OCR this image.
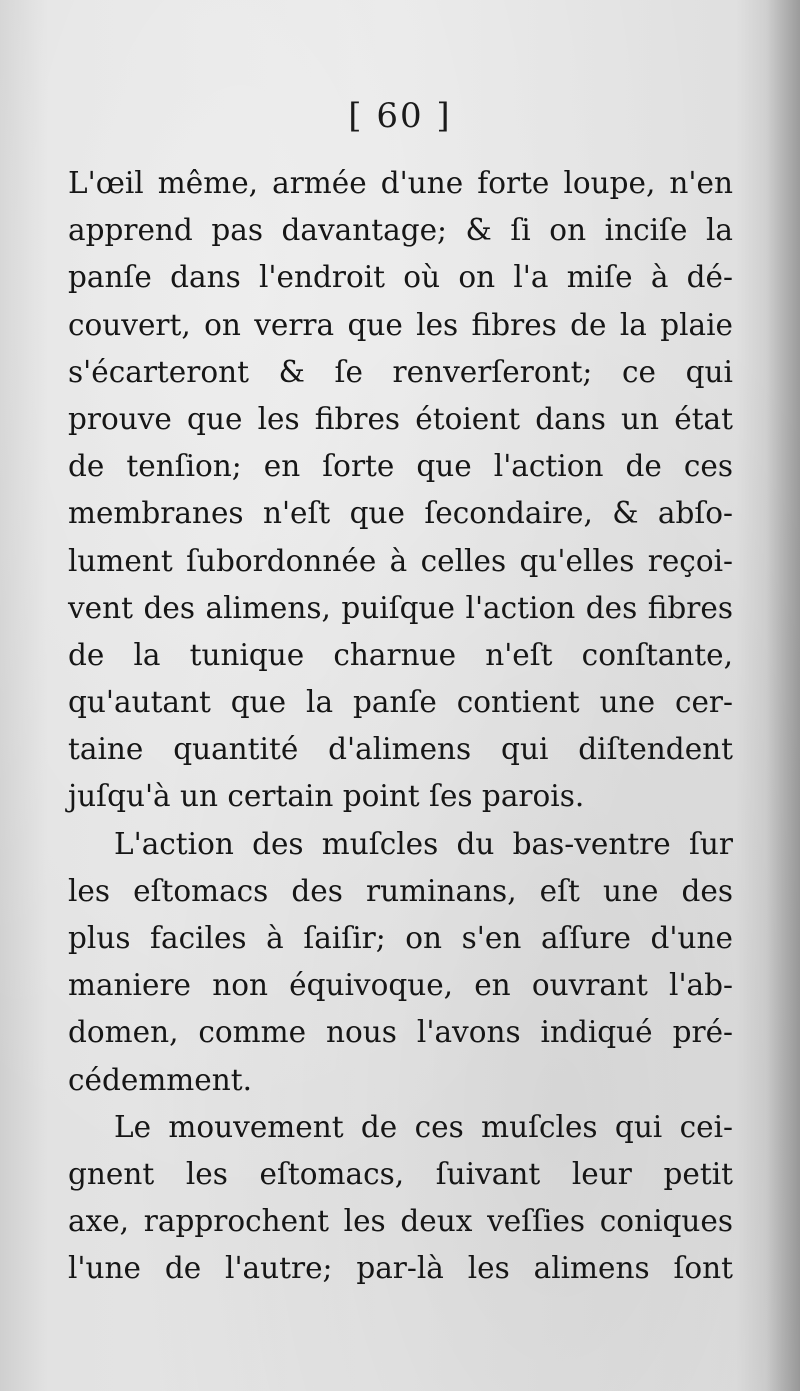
[ 60 ]
L'œil même, armée d'une forte loupe, n'en
apprend pas davantage; & ſi on inciſe la
panſe dans l'endroit où on l'a miſe à dé-
couvert, on verra que les fibres de la plaie
s'écarteront & ſe renverſeront; ce qui
prouve que les fibres étoient dans un état
de tenſion; en ſorte que l'action de ces
membranes n'eſt que ſecondaire, & abſo-
lument ſubordonnée à celles qu'elles reçoi-
vent des alimens, puiſque l'action des fibres
de la tunique charnue n'eſt conſtante,
qu'autant que la panſe contient une cer-
taine quantité d'alimens qui diſtendent
juſqu'à un certain point ſes parois.
L'action des muſcles du bas-ventre ſur
les eſtomacs des ruminans, eſt une des
plus faciles à ſaiſir; on s'en aſſure d'une
maniere non équivoque, en ouvrant l'ab-
domen, comme nous l'avons indiqué pré-
cédemment.
Le mouvement de ces muſcles qui cei-
gnent les eſtomacs, ſuivant leur petit
axe, rapprochent les deux veſſies coniques
l'une de l'autre; par-là les alimens ſont
